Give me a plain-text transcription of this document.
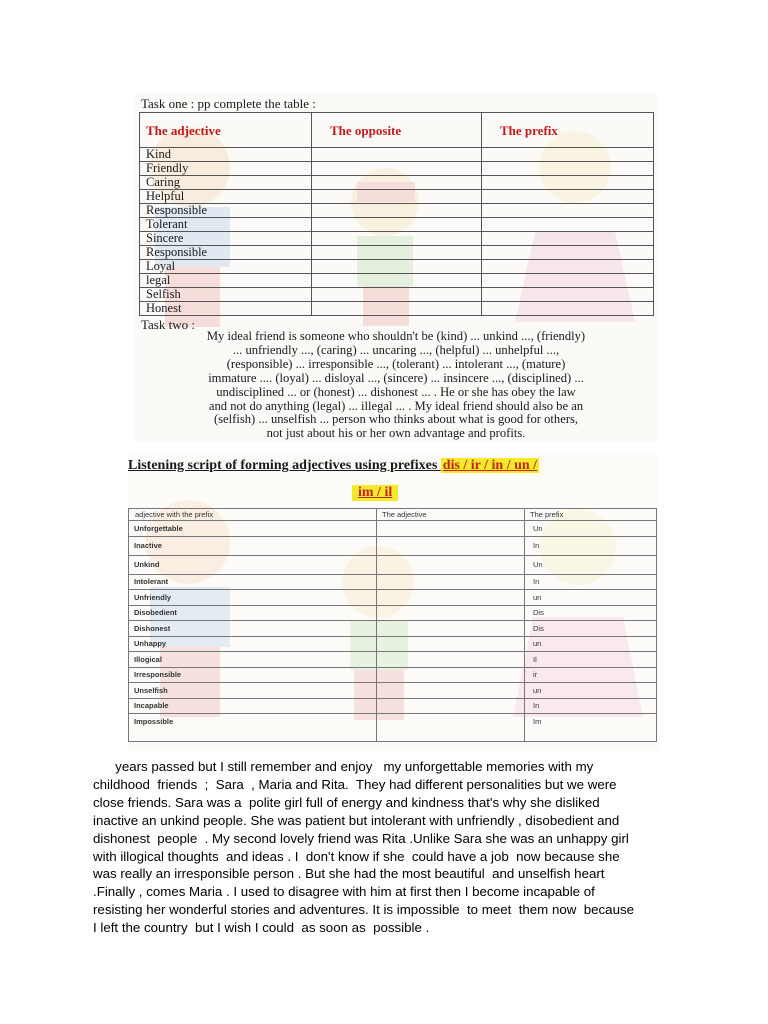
Task one : pp complete the table :
The adjective	The opposite	The prefix
Kind		
Friendly		
Caring		
Helpful		
Responsible		
Tolerant		
Sincere		
Responsible		
Loyal		
legal		
Selfish		
Honest		
Task two :
My ideal friend is someone who shouldn't be (kind) ... unkind ..., (friendly)
... unfriendly ..., (caring) ... uncaring ..., (helpful) ... unhelpful ...,
(responsible) ... irresponsible ..., (tolerant) ... intolerant ..., (mature)
immature .... (loyal) ... disloyal ..., (sincere) ... insincere ..., (disciplined) ...
undisciplined ... or (honest) ... dishonest ... . He or she has obey the law
and not do anything (legal) ... illegal ... . My ideal friend should also be an
(selfish) ... unselfish ... person who thinks about what is good for others,
not just about his or her own advantage and profits.
Listening script of forming adjectives using prefixes dis / ir / in / un /
im / il
adjective with the prefix	The adjective	The prefix
Unforgettable		Un
Inactive		In
Unkind		Un
Intolerant		In
Unfriendly		un
Disobedient		Dis
Dishonest		Dis
Unhappy		un
Illogical		Il
Irresponsible		ir
Unselfish		un
Incapable		In
Impossible		Im
years passed but I still remember and enjoy   my unforgettable memories with my
childhood  friends  ;  Sara  , Maria and Rita.  They had different personalities but we were
close friends. Sara was a  polite girl full of energy and kindness that's why she disliked
inactive an unkind people. She was patient but intolerant with unfriendly , disobedient and
dishonest  people  . My second lovely friend was Rita .Unlike Sara she was an unhappy girl
with illogical thoughts  and ideas . I  don't know if she  could have a job  now because she
was really an irresponsible person . But she had the most beautiful  and unselfish heart
.Finally , comes Maria . I used to disagree with him at first then I become incapable of
resisting her wonderful stories and adventures. It is impossible  to meet  them now  because
I left the country  but I wish I could  as soon as  possible .
